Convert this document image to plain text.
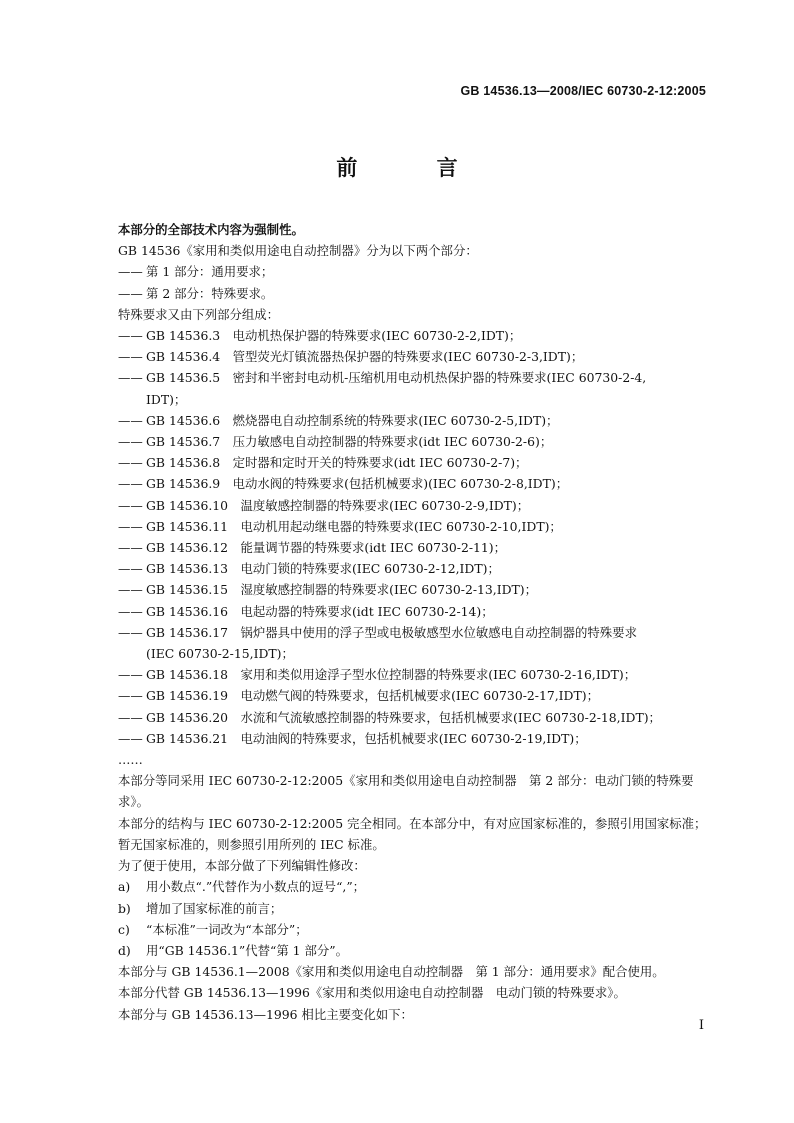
GB 14536.13—2008/IEC 60730-2-12:2005
前 言
本部分的全部技术内容为强制性。
GB 14536《家用和类似用途电自动控制器》分为以下两个部分：
—— 第 1 部分：通用要求；
—— 第 2 部分：特殊要求。
特殊要求又由下列部分组成：
—— GB 14536.3　电动机热保护器的特殊要求(IEC 60730-2-2,IDT)；
—— GB 14536.4　管型荧光灯镇流器热保护器的特殊要求(IEC 60730-2-3,IDT)；
—— GB 14536.5　密封和半密封电动机-压缩机用电动机热保护器的特殊要求(IEC 60730-2-4,
IDT)；
—— GB 14536.6　燃烧器电自动控制系统的特殊要求(IEC 60730-2-5,IDT)；
—— GB 14536.7　压力敏感电自动控制器的特殊要求(idt IEC 60730-2-6)；
—— GB 14536.8　定时器和定时开关的特殊要求(idt IEC 60730-2-7)；
—— GB 14536.9　电动水阀的特殊要求(包括机械要求)(IEC 60730-2-8,IDT)；
—— GB 14536.10　温度敏感控制器的特殊要求(IEC 60730-2-9,IDT)；
—— GB 14536.11　电动机用起动继电器的特殊要求(IEC 60730-2-10,IDT)；
—— GB 14536.12　能量调节器的特殊要求(idt IEC 60730-2-11)；
—— GB 14536.13　电动门锁的特殊要求(IEC 60730-2-12,IDT)；
—— GB 14536.15　湿度敏感控制器的特殊要求(IEC 60730-2-13,IDT)；
—— GB 14536.16　电起动器的特殊要求(idt IEC 60730-2-14)；
—— GB 14536.17　锅炉器具中使用的浮子型或电极敏感型水位敏感电自动控制器的特殊要求
(IEC 60730-2-15,IDT)；
—— GB 14536.18　家用和类似用途浮子型水位控制器的特殊要求(IEC 60730-2-16,IDT)；
—— GB 14536.19　电动燃气阀的特殊要求，包括机械要求(IEC 60730-2-17,IDT)；
—— GB 14536.20　水流和气流敏感控制器的特殊要求，包括机械要求(IEC 60730-2-18,IDT)；
—— GB 14536.21　电动油阀的特殊要求，包括机械要求(IEC 60730-2-19,IDT)；
……
本部分等同采用 IEC 60730-2-12:2005《家用和类似用途电自动控制器　第 2 部分：电动门锁的特殊要求》。
本部分的结构与 IEC 60730-2-12:2005 完全相同。在本部分中，有对应国家标准的，参照引用国家标准；暂无国家标准的，则参照引用所列的 IEC 标准。
为了便于使用，本部分做了下列编辑性修改：
a) 用小数点“.”代替作为小数点的逗号“,”；
b) 增加了国家标准的前言；
c) “本标准”一词改为“本部分”；
d) 用“GB 14536.1”代替“第 1 部分”。
本部分与 GB 14536.1—2008《家用和类似用途电自动控制器　第 1 部分：通用要求》配合使用。
本部分代替 GB 14536.13—1996《家用和类似用途电自动控制器　电动门锁的特殊要求》。
本部分与 GB 14536.13—1996 相比主要变化如下：
I
